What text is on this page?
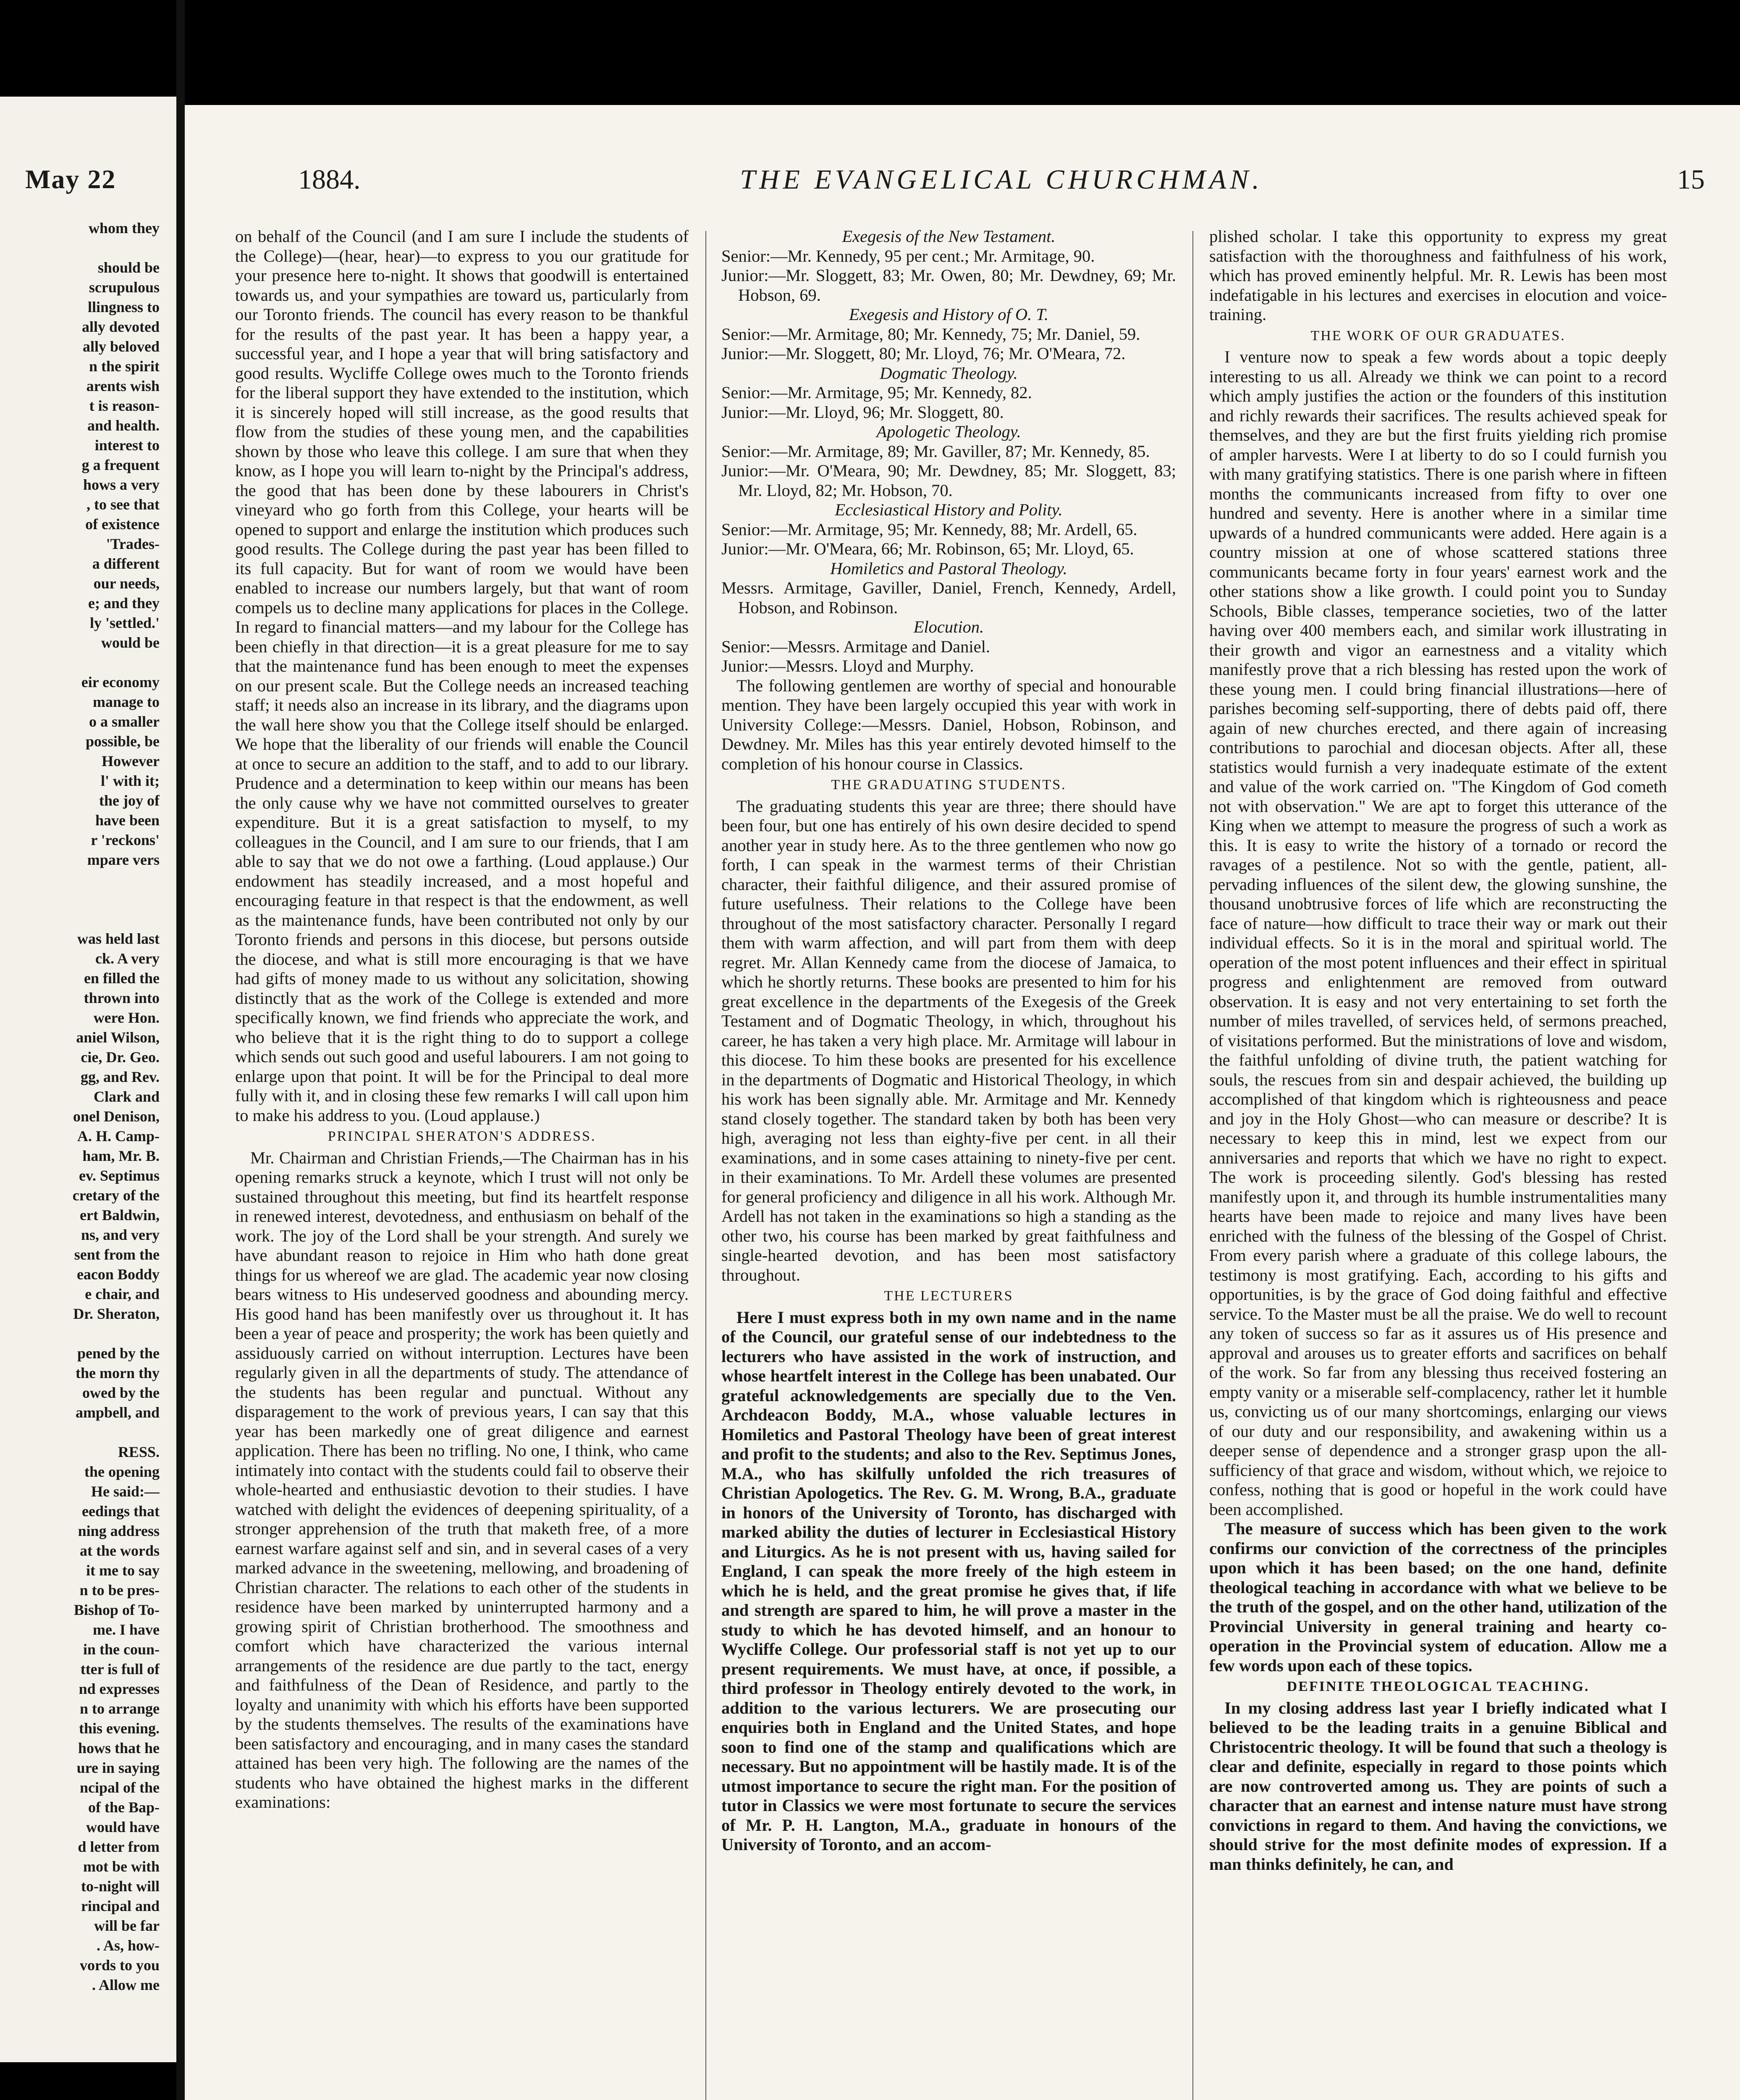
May 22
whom they
should be
scrupulous
llingness to
ally devoted
ally beloved
n the spirit
arents wish
t is reason-
and health.
interest to
g a frequent
hows a very
, to see that
of existence
'Trades-
a different
our needs,
e; and they
ly 'settled.'
would be
eir economy
manage to
o a smaller
possible, be
However
l' with it;
the joy of
have been
r 'reckons'
mpare vers
was held last
ck. A very
en filled the
thrown into
were Hon.
aniel Wilson,
cie, Dr. Geo.
gg, and Rev.
Clark and
onel Denison,
A. H. Camp-
ham, Mr. B.
ev. Septimus
cretary of the
ert Baldwin,
ns, and very
sent from the
eacon Boddy
e chair, and
Dr. Sheraton,
pened by the
the morn thy
owed by the
ampbell, and
RESS.
the opening
He said:—
eedings that
ning address
at the words
it me to say
n to be pres-
Bishop of To-
me. I have
in the coun-
tter is full of
nd expresses
n to arrange
this evening.
hows that he
ure in saying
ncipal of the
of the Bap-
would have
d letter from
mot be with
to-night will
rincipal and
will be far
. As, how-
vords to you
. Allow me
1884.	THE EVANGELICAL CHURCHMAN.	15

on behalf of the Council (and I am sure I include the students of the College)—(hear, hear)—to express to you our gratitude for your presence here to-night. It shows that goodwill is entertained towards us, and your sympathies are toward us, particularly from our Toronto friends. The council has every reason to be thankful for the results of the past year. It has been a happy year, a successful year, and I hope a year that will bring satisfactory and good results. Wycliffe College owes much to the Toronto friends for the liberal support they have extended to the institution, which it is sincerely hoped will still increase, as the good results that flow from the studies of these young men, and the capabilities shown by those who leave this college. I am sure that when they know, as I hope you will learn to-night by the Principal's address, the good that has been done by these labourers in Christ's vineyard who go forth from this College, your hearts will be opened to support and enlarge the institution which produces such good results. The College during the past year has been filled to its full capacity. But for want of room we would have been enabled to increase our numbers largely, but that want of room compels us to decline many applications for places in the College. In regard to financial matters—and my labour for the College has been chiefly in that direction—it is a great pleasure for me to say that the maintenance fund has been enough to meet the expenses on our present scale. But the College needs an increased teaching staff; it needs also an increase in its library, and the diagrams upon the wall here show you that the College itself should be enlarged. We hope that the liberality of our friends will enable the Council at once to secure an addition to the staff, and to add to our library. Prudence and a determination to keep within our means has been the only cause why we have not committed ourselves to greater expenditure. But it is a great satisfaction to myself, to my colleagues in the Council, and I am sure to our friends, that I am able to say that we do not owe a farthing. (Loud applause.) Our endowment has steadily increased, and a most hopeful and encouraging feature in that respect is that the endowment, as well as the maintenance funds, have been contributed not only by our Toronto friends and persons in this diocese, but persons outside the diocese, and what is still more encouraging is that we have had gifts of money made to us without any solicitation, showing distinctly that as the work of the College is extended and more specifically known, we find friends who appreciate the work, and who believe that it is the right thing to do to support a college which sends out such good and useful labourers. I am not going to enlarge upon that point. It will be for the Principal to deal more fully with it, and in closing these few remarks I will call upon him to make his address to you. (Loud applause.)

PRINCIPAL SHERATON'S ADDRESS.

Mr. Chairman and Christian Friends,—The Chairman has in his opening remarks struck a keynote, which I trust will not only be sustained throughout this meeting, but find its heartfelt response in renewed interest, devotedness, and enthusiasm on behalf of the work. The joy of the Lord shall be your strength. And surely we have abundant reason to rejoice in Him who hath done great things for us whereof we are glad. The academic year now closing bears witness to His undeserved goodness and abounding mercy. His good hand has been manifestly over us throughout it. It has been a year of peace and prosperity; the work has been quietly and assiduously carried on without interruption. Lectures have been regularly given in all the departments of study. The attendance of the students has been regular and punctual. Without any disparagement to the work of previous years, I can say that this year has been markedly one of great diligence and earnest application. There has been no trifling. No one, I think, who came intimately into contact with the students could fail to observe their whole-hearted and enthusiastic devotion to their studies. I have watched with delight the evidences of deepening spirituality, of a stronger apprehension of the truth that maketh free, of a more earnest warfare against self and sin, and in several cases of a very marked advance in the sweetening, mellowing, and broadening of Christian character. The relations to each other of the students in residence have been marked by uninterrupted harmony and a growing spirit of Christian brotherhood. The smoothness and comfort which have characterized the various internal arrangements of the residence are due partly to the tact, energy and faithfulness of the Dean of Residence, and partly to the loyalty and unanimity with which his efforts have been supported by the students themselves. The results of the examinations have been satisfactory and encouraging, and in many cases the standard attained has been very high. The following are the names of the students who have obtained the highest marks in the different examinations:

Exegesis of the New Testament.
Senior:—Mr. Kennedy, 95 per cent.; Mr. Armitage, 90.
Junior:—Mr. Sloggett, 83; Mr. Owen, 80; Mr. Dewdney, 69; Mr. Hobson, 69.
Exegesis and History of O. T.
Senior:—Mr. Armitage, 80; Mr. Kennedy, 75; Mr. Daniel, 59.
Junior:—Mr. Sloggett, 80; Mr. Lloyd, 76; Mr. O'Meara, 72.
Dogmatic Theology.
Senior:—Mr. Armitage, 95; Mr. Kennedy, 82.
Junior:—Mr. Lloyd, 96; Mr. Sloggett, 80.
Apologetic Theology.
Senior:—Mr. Armitage, 89; Mr. Gaviller, 87; Mr. Kennedy, 85.
Junior:—Mr. O'Meara, 90; Mr. Dewdney, 85; Mr. Sloggett, 83; Mr. Lloyd, 82; Mr. Hobson, 70.
Ecclesiastical History and Polity.
Senior:—Mr. Armitage, 95; Mr. Kennedy, 88; Mr. Ardell, 65.
Junior:—Mr. O'Meara, 66; Mr. Robinson, 65; Mr. Lloyd, 65.
Homiletics and Pastoral Theology.
Messrs. Armitage, Gaviller, Daniel, French, Kennedy, Ardell, Hobson, and Robinson.
Elocution.
Senior:—Messrs. Armitage and Daniel.
Junior:—Messrs. Lloyd and Murphy.

The following gentlemen are worthy of special and honourable mention. They have been largely occupied this year with work in University College:—Messrs. Daniel, Hobson, Robinson, and Dewdney. Mr. Miles has this year entirely devoted himself to the completion of his honour course in Classics.

THE GRADUATING STUDENTS.

The graduating students this year are three; there should have been four, but one has entirely of his own desire decided to spend another year in study here. As to the three gentlemen who now go forth, I can speak in the warmest terms of their Christian character, their faithful diligence, and their assured promise of future usefulness. Their relations to the College have been throughout of the most satisfactory character. Personally I regard them with warm affection, and will part from them with deep regret. Mr. Allan Kennedy came from the diocese of Jamaica, to which he shortly returns. These books are presented to him for his great excellence in the departments of the Exegesis of the Greek Testament and of Dogmatic Theology, in which, throughout his career, he has taken a very high place. Mr. Armitage will labour in this diocese. To him these books are presented for his excellence in the departments of Dogmatic and Historical Theology, in which his work has been signally able. Mr. Armitage and Mr. Kennedy stand closely together. The standard taken by both has been very high, averaging not less than eighty-five per cent. in all their examinations, and in some cases attaining to ninety-five per cent. in their examinations. To Mr. Ardell these volumes are presented for general proficiency and diligence in all his work. Although Mr. Ardell has not taken in the examinations so high a standing as the other two, his course has been marked by great faithfulness and single-hearted devotion, and has been most satisfactory throughout.

THE LECTURERS

Here I must express both in my own name and in the name of the Council, our grateful sense of our indebtedness to the lecturers who have assisted in the work of instruction, and whose heartfelt interest in the College has been unabated. Our grateful acknowledgements are specially due to the Ven. Archdeacon Boddy, M.A., whose valuable lectures in Homiletics and Pastoral Theology have been of great interest and profit to the students; and also to the Rev. Septimus Jones, M.A., who has skilfully unfolded the rich treasures of Christian Apologetics. The Rev. G. M. Wrong, B.A., graduate in honors of the University of Toronto, has discharged with marked ability the duties of lecturer in Ecclesiastical History and Liturgics. As he is not present with us, having sailed for England, I can speak the more freely of the high esteem in which he is held, and the great promise he gives that, if life and strength are spared to him, he will prove a master in the study to which he has devoted himself, and an honour to Wycliffe College. Our professorial staff is not yet up to our present requirements. We must have, at once, if possible, a third professor in Theology entirely devoted to the work, in addition to the various lecturers. We are prosecuting our enquiries both in England and the United States, and hope soon to find one of the stamp and qualifications which are necessary. But no appointment will be hastily made. It is of the utmost importance to secure the right man. For the position of tutor in Classics we were most fortunate to secure the services of Mr. P. H. Langton, M.A., graduate in honours of the University of Toronto, and an accom-

plished scholar. I take this opportunity to express my great satisfaction with the thoroughness and faithfulness of his work, which has proved eminently helpful. Mr. R. Lewis has been most indefatigable in his lectures and exercises in elocution and voice-training.

THE WORK OF OUR GRADUATES.

I venture now to speak a few words about a topic deeply interesting to us all. Already we think we can point to a record which amply justifies the action or the founders of this institution and richly rewards their sacrifices. The results achieved speak for themselves, and they are but the first fruits yielding rich promise of ampler harvests. Were I at liberty to do so I could furnish you with many gratifying statistics. There is one parish where in fifteen months the communicants increased from fifty to over one hundred and seventy. Here is another where in a similar time upwards of a hundred communicants were added. Here again is a country mission at one of whose scattered stations three communicants became forty in four years' earnest work and the other stations show a like growth. I could point you to Sunday Schools, Bible classes, temperance societies, two of the latter having over 400 members each, and similar work illustrating in their growth and vigor an earnestness and a vitality which manifestly prove that a rich blessing has rested upon the work of these young men. I could bring financial illustrations—here of parishes becoming self-supporting, there of debts paid off, there again of new churches erected, and there again of increasing contributions to parochial and diocesan objects. After all, these statistics would furnish a very inadequate estimate of the extent and value of the work carried on. "The Kingdom of God cometh not with observation." We are apt to forget this utterance of the King when we attempt to measure the progress of such a work as this. It is easy to write the history of a tornado or record the ravages of a pestilence. Not so with the gentle, patient, all-pervading influences of the silent dew, the glowing sunshine, the thousand unobtrusive forces of life which are reconstructing the face of nature—how difficult to trace their way or mark out their individual effects. So it is in the moral and spiritual world. The operation of the most potent influences and their effect in spiritual progress and enlightenment are removed from outward observation. It is easy and not very entertaining to set forth the number of miles travelled, of services held, of sermons preached, of visitations performed. But the ministrations of love and wisdom, the faithful unfolding of divine truth, the patient watching for souls, the rescues from sin and despair achieved, the building up accomplished of that kingdom which is righteousness and peace and joy in the Holy Ghost—who can measure or describe? It is necessary to keep this in mind, lest we expect from our anniversaries and reports that which we have no right to expect. The work is proceeding silently. God's blessing has rested manifestly upon it, and through its humble instrumentalities many hearts have been made to rejoice and many lives have been enriched with the fulness of the blessing of the Gospel of Christ. From every parish where a graduate of this college labours, the testimony is most gratifying. Each, according to his gifts and opportunities, is by the grace of God doing faithful and effective service. To the Master must be all the praise. We do well to recount any token of success so far as it assures us of His presence and approval and arouses us to greater efforts and sacrifices on behalf of the work. So far from any blessing thus received fostering an empty vanity or a miserable self-complacency, rather let it humble us, convicting us of our many shortcomings, enlarging our views of our duty and our responsibility, and awakening within us a deeper sense of dependence and a stronger grasp upon the all-sufficiency of that grace and wisdom, without which, we rejoice to confess, nothing that is good or hopeful in the work could have been accomplished.

The measure of success which has been given to the work confirms our conviction of the correctness of the principles upon which it has been based; on the one hand, definite theological teaching in accordance with what we believe to be the truth of the gospel, and on the other hand, utilization of the Provincial University in general training and hearty co-operation in the Provincial system of education. Allow me a few words upon each of these topics.

DEFINITE THEOLOGICAL TEACHING.

In my closing address last year I briefly indicated what I believed to be the leading traits in a genuine Biblical and Christocentric theology. It will be found that such a theology is clear and definite, especially in regard to those points which are now controverted among us. They are points of such a character that an earnest and intense nature must have strong convictions in regard to them. And having the convictions, we should strive for the most definite modes of expression. If a man thinks definitely, he can, and
